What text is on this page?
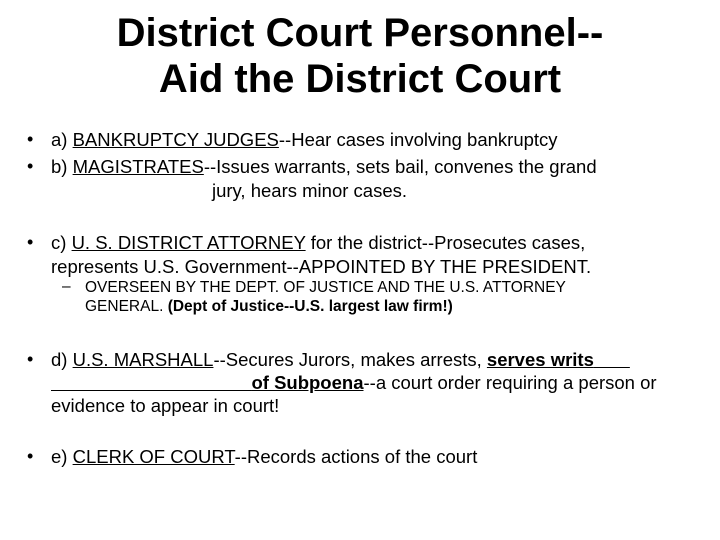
District Court Personnel--
Aid the District Court
• a) BANKRUPTCY JUDGES--Hear cases involving bankruptcy
• b) MAGISTRATES--Issues warrants, sets bail, convenes the grand
jury, hears minor cases.
• c) U. S. DISTRICT ATTORNEY for the district--Prosecutes cases,
represents U.S. Government--APPOINTED BY THE PRESIDENT.
– OVERSEEN BY THE DEPT. OF JUSTICE AND THE U.S. ATTORNEY
GENERAL. (Dept of Justice--U.S. largest law firm!)
• d) U.S. MARSHALL--Secures Jurors, makes arrests, serves writs
of Subpoena--a court order requiring a person or
evidence to appear in court!
• e) CLERK OF COURT--Records actions of the court
